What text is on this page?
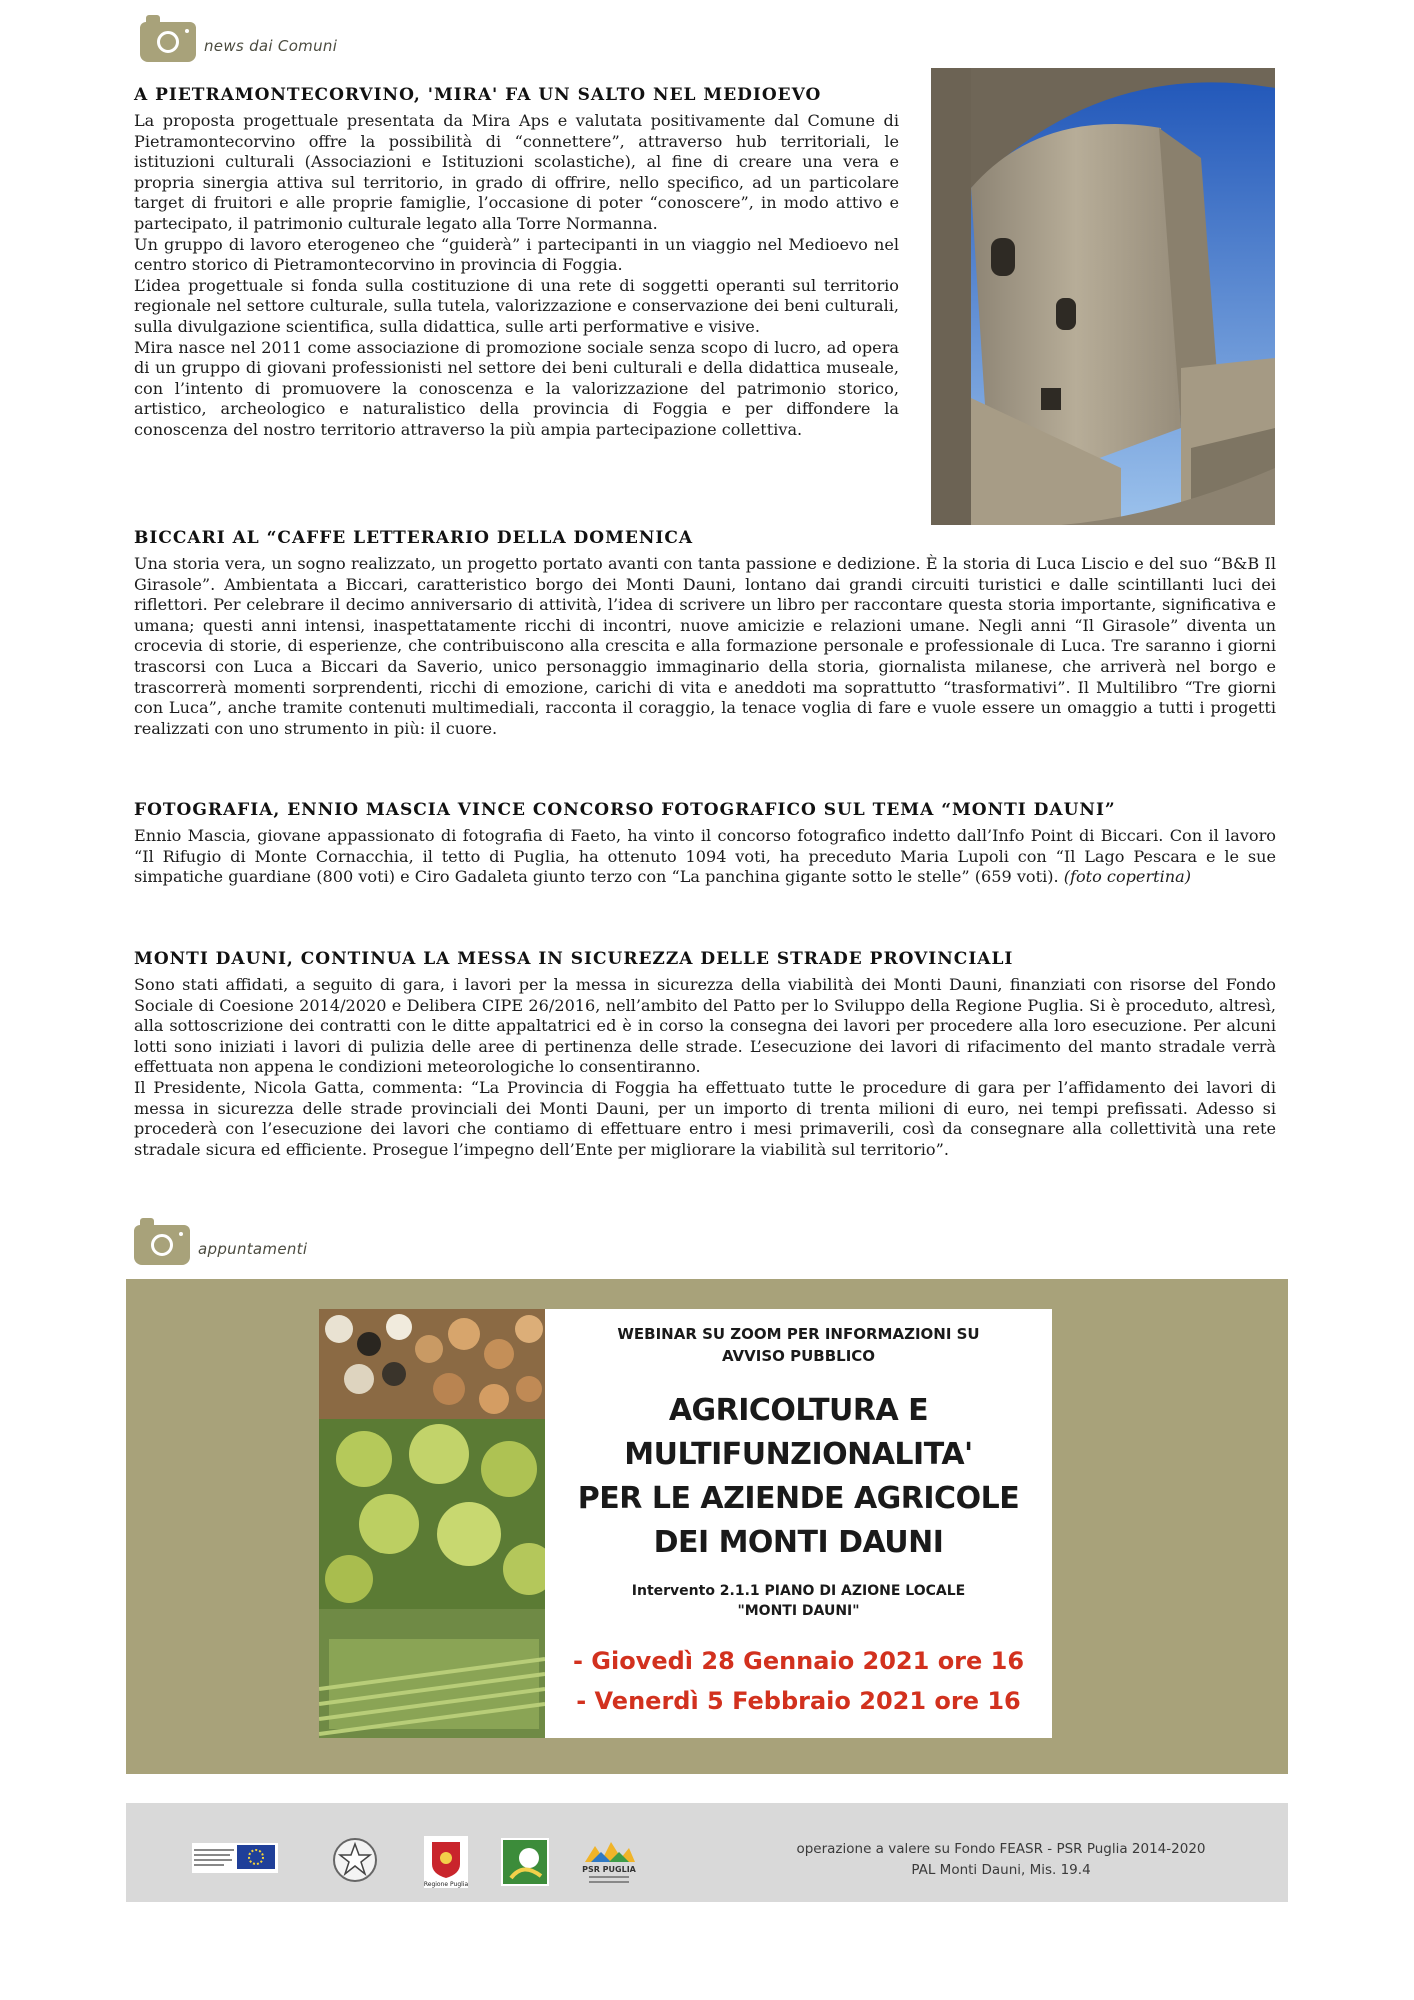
news dai Comuni
A PIETRAMONTECORVINO, 'MIRA' FA UN SALTO NEL MEDIOEVO

La proposta progettuale presentata da Mira Aps e valutata positivamente dal Comune di Pietramontecorvino offre la possibilità di “connettere”, attraverso hub territoriali, le istituzioni culturali (Associazioni e Istituzioni scolastiche), al fine di creare una vera e propria sinergia attiva sul territorio, in grado di offrire, nello specifico, ad un particolare target di fruitori e alle proprie famiglie, l’occasione di poter “conoscere”, in modo attivo e partecipato, il patrimonio culturale legato alla Torre Normanna.

Un gruppo di lavoro eterogeneo che “guiderà” i partecipanti in un viaggio nel Medioevo nel centro storico di Pietramontecorvino in provincia di Foggia.

L’idea progettuale si fonda sulla costituzione di una rete di soggetti operanti sul territorio regionale nel settore culturale, sulla tutela, valorizzazione e conservazione dei beni culturali, sulla divulgazione scientifica, sulla didattica, sulle arti performative e visive.

Mira nasce nel 2011 come associazione di promozione sociale senza scopo di lucro, ad opera di un gruppo di giovani professionisti nel settore dei beni culturali e della didattica museale, con l’intento di promuovere la conoscenza e la valorizzazione del patrimonio storico, artistico, archeologico e naturalistico della provincia di Foggia e per diffondere la conoscenza del nostro territorio attraverso la più ampia partecipazione collettiva.

BICCARI AL “CAFFE LETTERARIO DELLA DOMENICA

Una storia vera, un sogno realizzato, un progetto portato avanti con tanta passione e dedizione. È la storia di Luca Liscio e del suo “B&B Il Girasole”. Ambientata a Biccari, caratteristico borgo dei Monti Dauni, lontano dai grandi circuiti turistici e dalle scintillanti luci dei riflettori. Per celebrare il decimo anniversario di attività, l’idea di scrivere un libro per raccontare questa storia importante, significativa e umana; questi anni intensi, inaspettatamente ricchi di incontri, nuove amicizie e relazioni umane. Negli anni “Il Girasole” diventa un crocevia di storie, di esperienze, che contribuiscono alla crescita e alla formazione personale e professionale di Luca. Tre saranno i giorni trascorsi con Luca a Biccari da Saverio, unico personaggio immaginario della storia, giornalista milanese, che arriverà nel borgo e trascorrerà momenti sorprendenti, ricchi di emozione, carichi di vita e aneddoti ma soprattutto “trasformativi”. Il Multilibro “Tre giorni con Luca”, anche tramite contenuti multimediali, racconta il coraggio, la tenace voglia di fare e vuole essere un omaggio a tutti i progetti realizzati con uno strumento in più: il cuore.

FOTOGRAFIA, ENNIO MASCIA VINCE CONCORSO FOTOGRAFICO SUL TEMA “MONTI DAUNI”

Ennio Mascia, giovane appassionato di fotografia di Faeto, ha vinto il concorso fotografico indetto dall’Info Point di Biccari. Con il lavoro “Il Rifugio di Monte Cornacchia, il tetto di Puglia, ha ottenuto 1094 voti, ha preceduto Maria Lupoli con “Il Lago Pescara e le sue simpatiche guardiane (800 voti) e Ciro Gadaleta giunto terzo con “La panchina gigante sotto le stelle” (659 voti). (foto copertina)

MONTI DAUNI, CONTINUA LA MESSA IN SICUREZZA DELLE STRADE PROVINCIALI

Sono stati affidati, a seguito di gara, i lavori per la messa in sicurezza della viabilità dei Monti Dauni, finanziati con risorse del Fondo Sociale di Coesione 2014/2020 e Delibera CIPE 26/2016, nell’ambito del Patto per lo Sviluppo della Regione Puglia. Si è proceduto, altresì, alla sottoscrizione dei contratti con le ditte appaltatrici ed è in corso la consegna dei lavori per procedere alla loro esecuzione. Per alcuni lotti sono iniziati i lavori di pulizia delle aree di pertinenza delle strade. L’esecuzione dei lavori di rifacimento del manto stradale verrà effettuata non appena le condizioni meteorologiche lo consentiranno.

Il Presidente, Nicola Gatta, commenta: “La Provincia di Foggia ha effettuato tutte le procedure di gara per l’affidamento dei lavori di messa in sicurezza delle strade provinciali dei Monti Dauni, per un importo di trenta milioni di euro, nei tempi prefissati. Adesso si procederà con l’esecuzione dei lavori che contiamo di effettuare entro i mesi primaverili, così da consegnare alla collettività una rete stradale sicura ed efficiente. Prosegue l’impegno dell’Ente per migliorare la viabilità sul territorio”.

appuntamenti
WEBINAR SU ZOOM PER INFORMAZIONI SU
AVVISO PUBBLICO
AGRICOLTURA E
MULTIFUNZIONALITA'
PER LE AZIENDE AGRICOLE
DEI MONTI DAUNI
Intervento 2.1.1 PIANO DI AZIONE LOCALE
"MONTI DAUNI"
- Giovedì 28 Gennaio 2021 ore 16
- Venerdì 5 Febbraio 2021 ore 16
Regione Puglia
PSR PUGLIA
operazione a valere su Fondo FEASR - PSR Puglia 2014-2020
PAL Monti Dauni, Mis. 19.4
